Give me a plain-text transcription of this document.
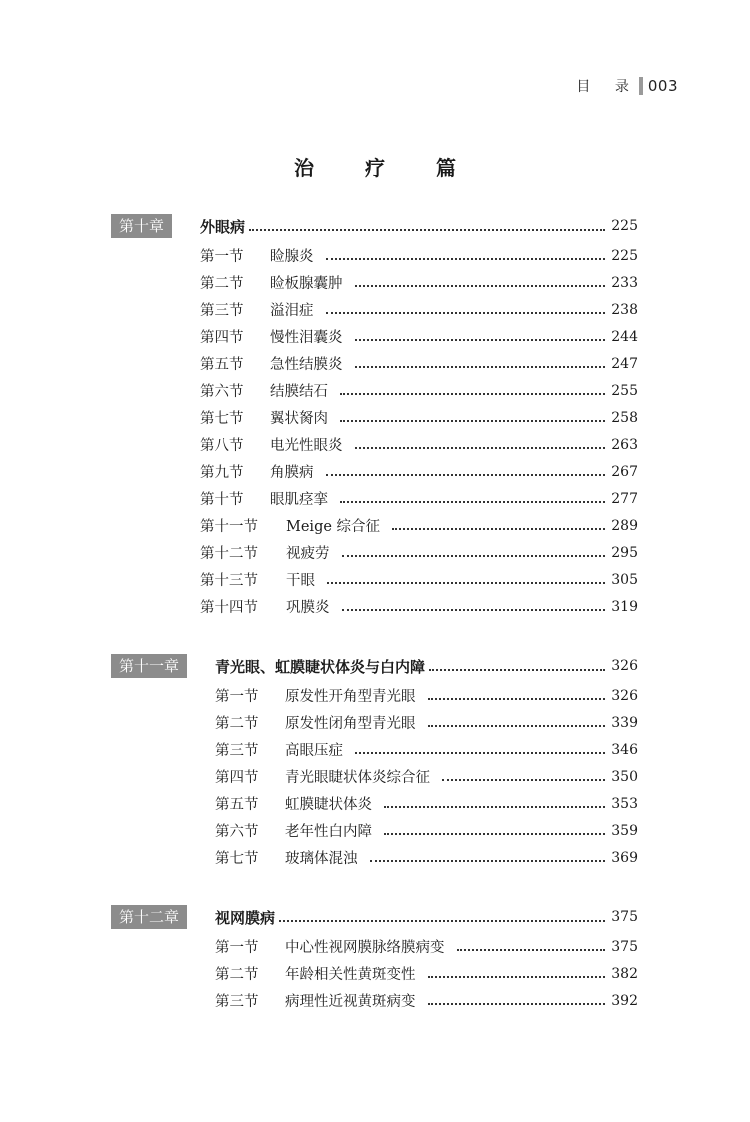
目 录 003
治 疗 篇
第十章	外眼病	225
第一节	睑腺炎	225
第二节	睑板腺囊肿	233
第三节	溢泪症	238
第四节	慢性泪囊炎	244
第五节	急性结膜炎	247
第六节	结膜结石	255
第七节	翼状胬肉	258
第八节	电光性眼炎	263
第九节	角膜病	267
第十节	眼肌痉挛	277
第十一节	Meige 综合征	289
第十二节	视疲劳	295
第十三节	干眼	305
第十四节	巩膜炎	319
第十一章	青光眼、虹膜睫状体炎与白内障	326
第一节	原发性开角型青光眼	326
第二节	原发性闭角型青光眼	339
第三节	高眼压症	346
第四节	青光眼睫状体炎综合征	350
第五节	虹膜睫状体炎	353
第六节	老年性白内障	359
第七节	玻璃体混浊	369
第十二章	视网膜病	375
第一节	中心性视网膜脉络膜病变	375
第二节	年龄相关性黄斑变性	382
第三节	病理性近视黄斑病变	392
